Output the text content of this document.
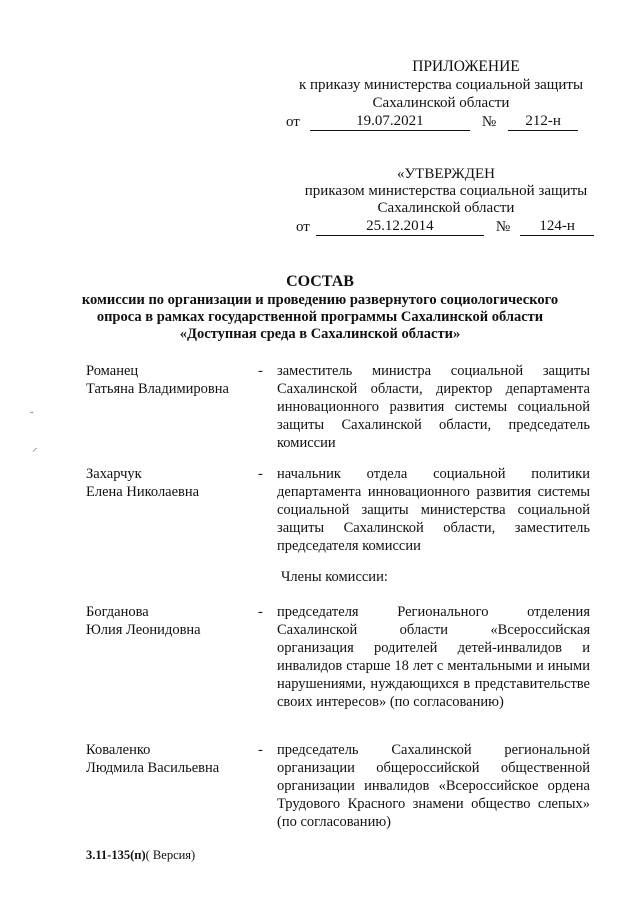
ПРИЛОЖЕНИЕ
к приказу министерства социальной защиты
Сахалинской области
от	19.07.2021	№	212-н
«УТВЕРЖДЕН
приказом министерства социальной защиты
Сахалинской области
от	25.12.2014	№	124-н
СОСТАВ
комиссии по организации и проведению развернутого социологического
опроса в рамках государственной программы Сахалинской области
«Доступная среда в Сахалинской области»
Романец
Татьяна Владимировна
- заместитель министра социальной защиты Сахалинской области, директор департамента инновационного развития системы социальной защиты Сахалинской области, председатель комиссии
Захарчук
Елена Николаевна
- начальник отдела социальной политики департамента инновационного развития системы социальной защиты министерства социальной защиты Сахалинской области, заместитель председателя комиссии
Члены комиссии:
Богданова
Юлия Леонидовна
- председателя Регионального отделения Сахалинской области «Всероссийская организация родителей детей-инвалидов и инвалидов старше 18 лет с ментальными и иными нарушениями, нуждающихся в представительстве своих интересов» (по согласованию)
Коваленко
Людмила Васильевна
- председатель Сахалинской региональной организации общероссийской общественной организации инвалидов «Всероссийское ордена Трудового Красного знамени общество слепых» (по согласованию)
3.11-135(п)( Версия)
˘
⸝
